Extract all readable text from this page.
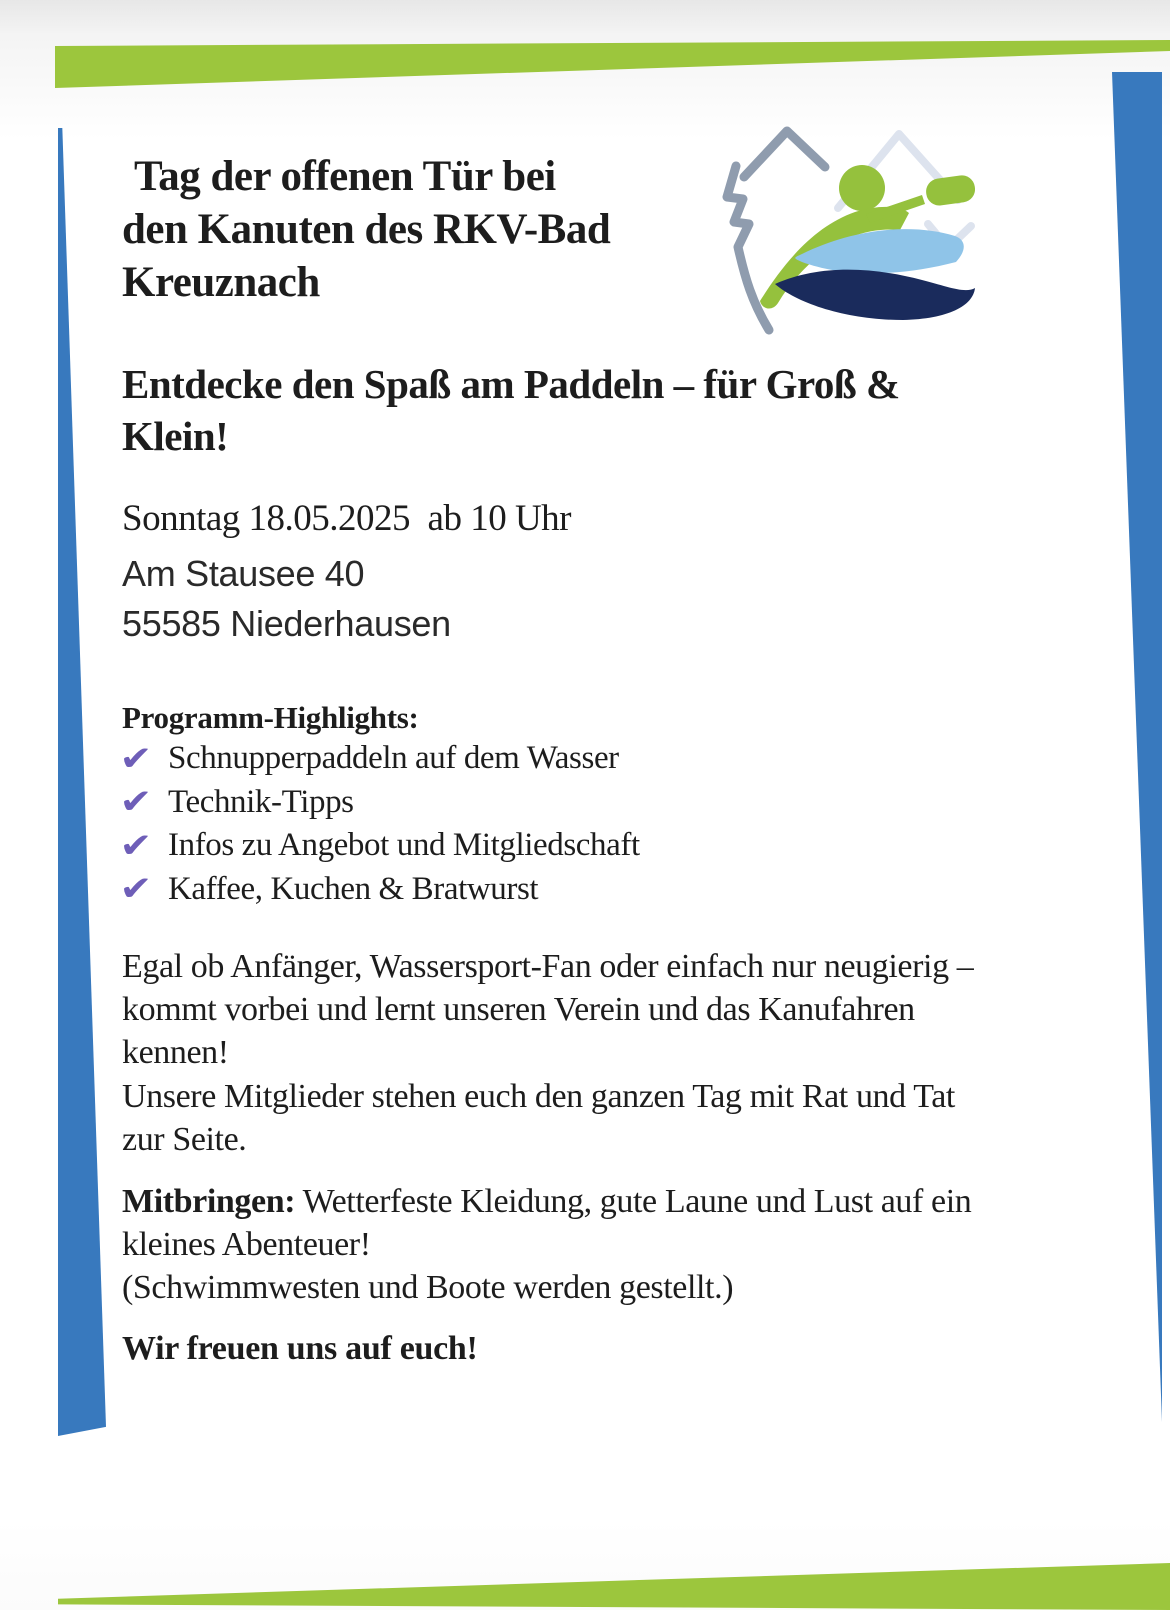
Tag der offenen Tür bei
den Kanuten des RKV-Bad
Kreuznach
Entdecke den Spaß am Paddeln – für Groß &
Klein!
Sonntag 18.05.2025  ab 10 Uhr
Am Stausee 40
55585 Niederhausen
Programm-Highlights:
✔ Schnupperpaddeln auf dem Wasser
✔ Technik-Tipps
✔ Infos zu Angebot und Mitgliedschaft
✔ Kaffee, Kuchen & Bratwurst
Egal ob Anfänger, Wassersport-Fan oder einfach nur neugierig –
kommt vorbei und lernt unseren Verein und das Kanufahren
kennen!
Unsere Mitglieder stehen euch den ganzen Tag mit Rat und Tat
zur Seite.
Mitbringen: Wetterfeste Kleidung, gute Laune und Lust auf ein
kleines Abenteuer!
(Schwimmwesten und Boote werden gestellt.)
Wir freuen uns auf euch!
